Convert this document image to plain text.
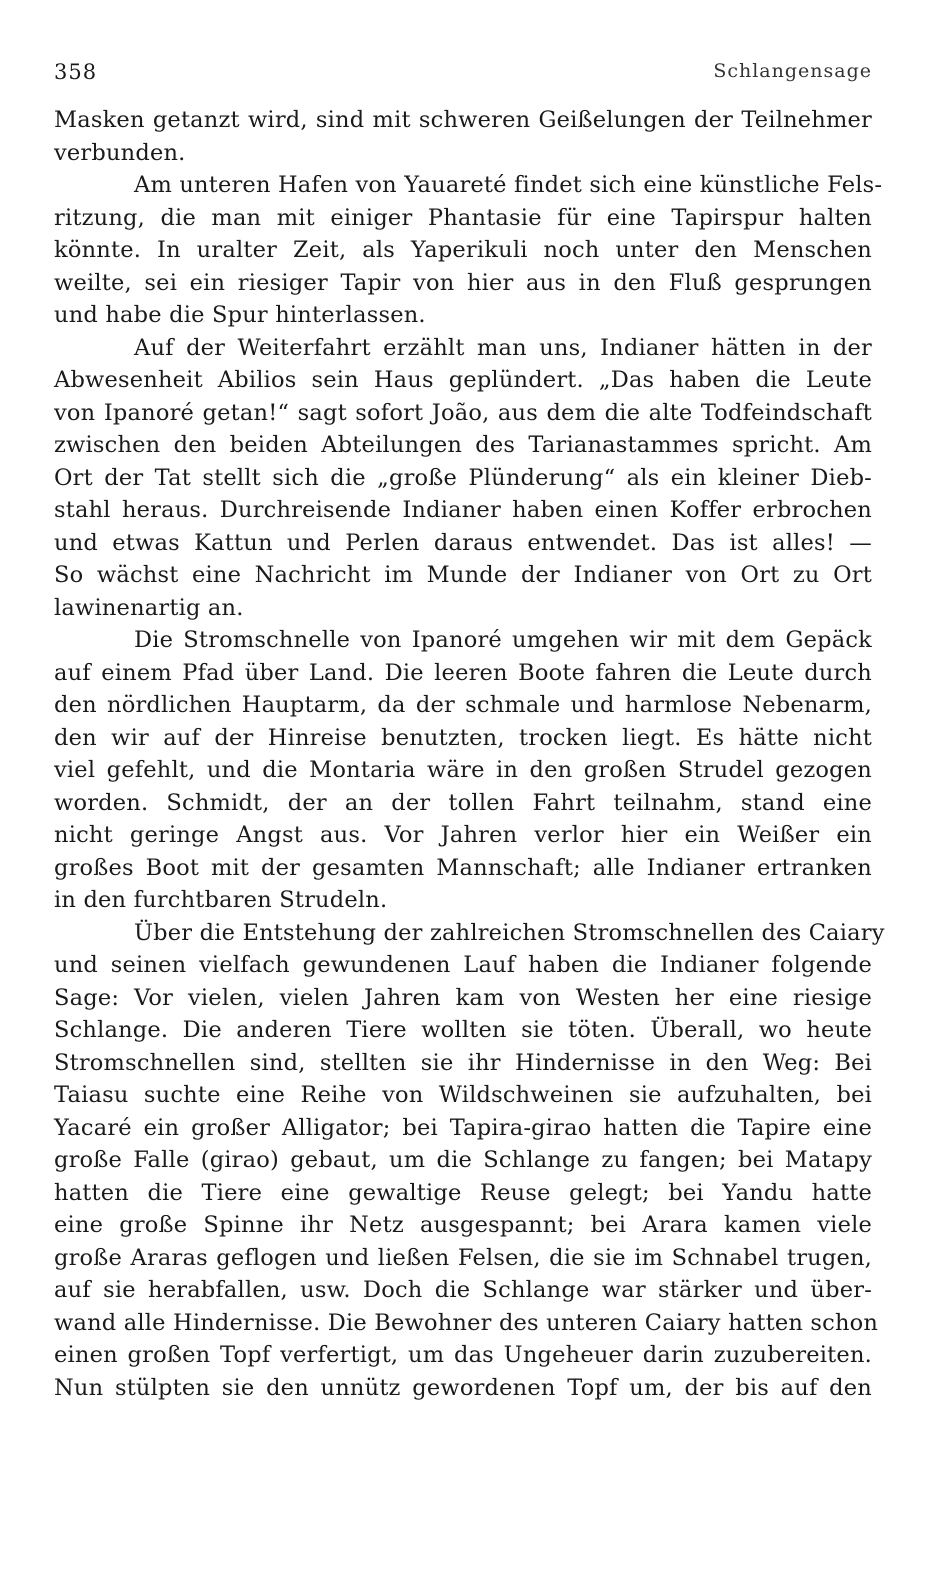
358	Schlangensage
Masken getanzt wird, sind mit schweren Geißelungen der Teilnehmer
verbunden.
Am unteren Hafen von Yauareté findet sich eine künstliche Fels-
ritzung, die man mit einiger Phantasie für eine Tapirspur halten
könnte. In uralter Zeit, als Yaperikuli noch unter den Menschen
weilte, sei ein riesiger Tapir von hier aus in den Fluß gesprungen
und habe die Spur hinterlassen.
Auf der Weiterfahrt erzählt man uns, Indianer hätten in der
Abwesenheit Abilios sein Haus geplündert. „Das haben die Leute
von Ipanoré getan!“ sagt sofort João, aus dem die alte Todfeindschaft
zwischen den beiden Abteilungen des Tarianastammes spricht. Am
Ort der Tat stellt sich die „große Plünderung“ als ein kleiner Dieb-
stahl heraus. Durchreisende Indianer haben einen Koffer erbrochen
und etwas Kattun und Perlen daraus entwendet. Das ist alles! —
So wächst eine Nachricht im Munde der Indianer von Ort zu Ort
lawinenartig an.
Die Stromschnelle von Ipanoré umgehen wir mit dem Gepäck
auf einem Pfad über Land. Die leeren Boote fahren die Leute durch
den nördlichen Hauptarm, da der schmale und harmlose Nebenarm,
den wir auf der Hinreise benutzten, trocken liegt. Es hätte nicht
viel gefehlt, und die Montaria wäre in den großen Strudel gezogen
worden. Schmidt, der an der tollen Fahrt teilnahm, stand eine
nicht geringe Angst aus. Vor Jahren verlor hier ein Weißer ein
großes Boot mit der gesamten Mannschaft; alle Indianer ertranken
in den furchtbaren Strudeln.
Über die Entstehung der zahlreichen Stromschnellen des Caiary
und seinen vielfach gewundenen Lauf haben die Indianer folgende
Sage: Vor vielen, vielen Jahren kam von Westen her eine riesige
Schlange. Die anderen Tiere wollten sie töten. Überall, wo heute
Stromschnellen sind, stellten sie ihr Hindernisse in den Weg: Bei
Taiasu suchte eine Reihe von Wildschweinen sie aufzuhalten, bei
Yacaré ein großer Alligator; bei Tapira-girao hatten die Tapire eine
große Falle (girao) gebaut, um die Schlange zu fangen; bei Matapy
hatten die Tiere eine gewaltige Reuse gelegt; bei Yandu hatte
eine große Spinne ihr Netz ausgespannt; bei Arara kamen viele
große Araras geflogen und ließen Felsen, die sie im Schnabel trugen,
auf sie herabfallen, usw. Doch die Schlange war stärker und über-
wand alle Hindernisse. Die Bewohner des unteren Caiary hatten schon
einen großen Topf verfertigt, um das Ungeheuer darin zuzubereiten.
Nun stülpten sie den unnütz gewordenen Topf um, der bis auf den
